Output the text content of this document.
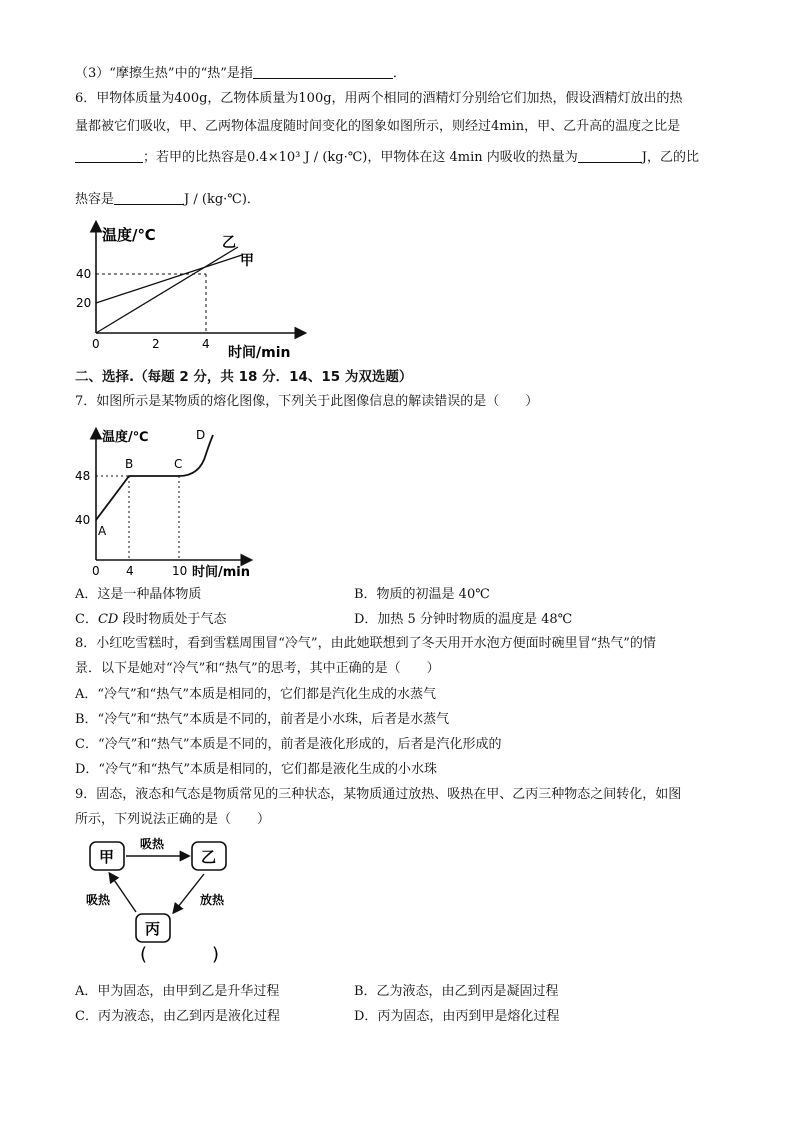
（3）“摩擦生热”中的“热”是指	．
6．甲物体质量为400g，乙物体质量为100g，用两个相同的酒精灯分别给它们加热，假设酒精灯放出的热
量都被它们吸收，甲、乙两物体温度随时间变化的图象如图所示，则经过4min，甲、乙升高的温度之比是
；若甲的比热容是0.4×10³ J / (kg·℃)，甲物体在这 4min 内吸收的热量为	J，乙的比
热容是	J / (kg·℃)．
温度/℃
时间/min
40
20
0	2	4
乙
甲
二、选择.（每题 2 分，共 18 分．14、15 为双选题）
7．如图所示是某物质的熔化图像，下列关于此图像信息的解读错误的是（　　）
温度/℃
时间/min
48
40
0 4	10
A
B	C
D
A．这是一种晶体物质	B．物质的初温是 40℃
C．CD 段时物质处于气态	D．加热 5 分钟时物质的温度是 48℃
8．小红吃雪糕时，看到雪糕周围冒“冷气”，由此她联想到了冬天用开水泡方便面时碗里冒“热气”的情
景．以下是她对“冷气”和“热气”的思考，其中正确的是（　　）
A．“冷气”和“热气”本质是相同的，它们都是汽化生成的水蒸气
B．“冷气”和“热气”本质是不同的，前者是小水珠，后者是水蒸气
C．“冷气”和“热气”本质是不同的，前者是液化形成的，后者是汽化形成的
D．“冷气”和“热气”本质是相同的，它们都是液化生成的小水珠
9．固态，液态和气态是物质常见的三种状态，某物质通过放热、吸热在甲、乙丙三种物态之间转化，如图
所示，下列说法正确的是（　　）
甲	乙
丙
吸热
吸热	放热
(	)
A．甲为固态，由甲到乙是升华过程	B．乙为液态，由乙到丙是凝固过程
C．丙为液态，由乙到丙是液化过程	D．丙为固态，由丙到甲是熔化过程
